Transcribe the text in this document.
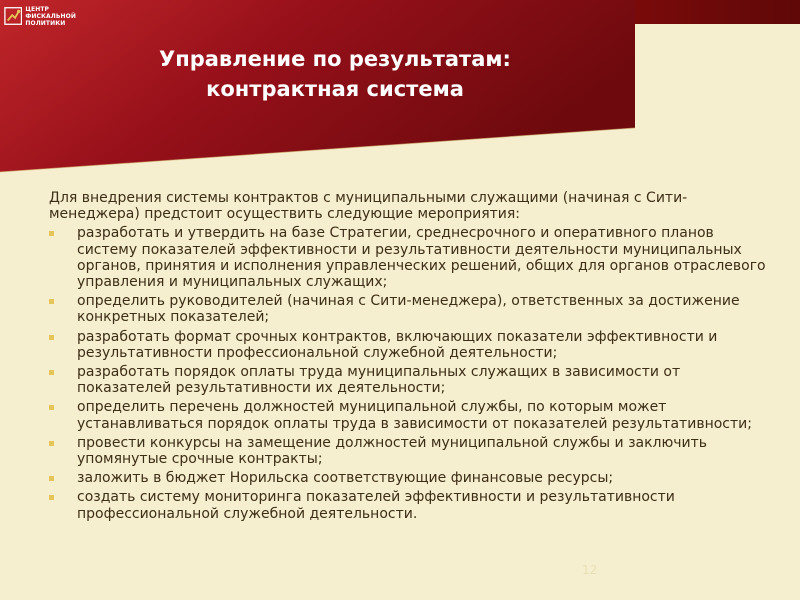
ЦЕНТР
ФИСКАЛЬНОЙ
ПОЛИТИКИ
Управление по результатам:
контрактная система

Для внедрения системы контрактов с муниципальными служащими (начиная с Сити-менеджера) предстоит осуществить следующие мероприятия:

разработать и утвердить на базе Стратегии, среднесрочного и оперативного планов систему показателей эффективности и результативности деятельности муниципальных органов, принятия и исполнения управленческих решений, общих для органов отраслевого управления и муниципальных служащих;
определить руководителей (начиная с Сити-менеджера), ответственных за достижение конкретных показателей;
разработать формат срочных контрактов, включающих показатели эффективности и результативности профессиональной служебной деятельности;
разработать порядок оплаты труда муниципальных служащих в зависимости от показателей результативности их деятельности;
определить перечень должностей муниципальной службы, по которым может устанавливаться порядок оплаты труда в зависимости от показателей результативности;
провести конкурсы на замещение должностей муниципальной службы и заключить упомянутые срочные контракты;
заложить в бюджет Норильска соответствующие финансовые ресурсы;
создать систему мониторинга показателей эффективности и результативности профессиональной служебной деятельности.
12
